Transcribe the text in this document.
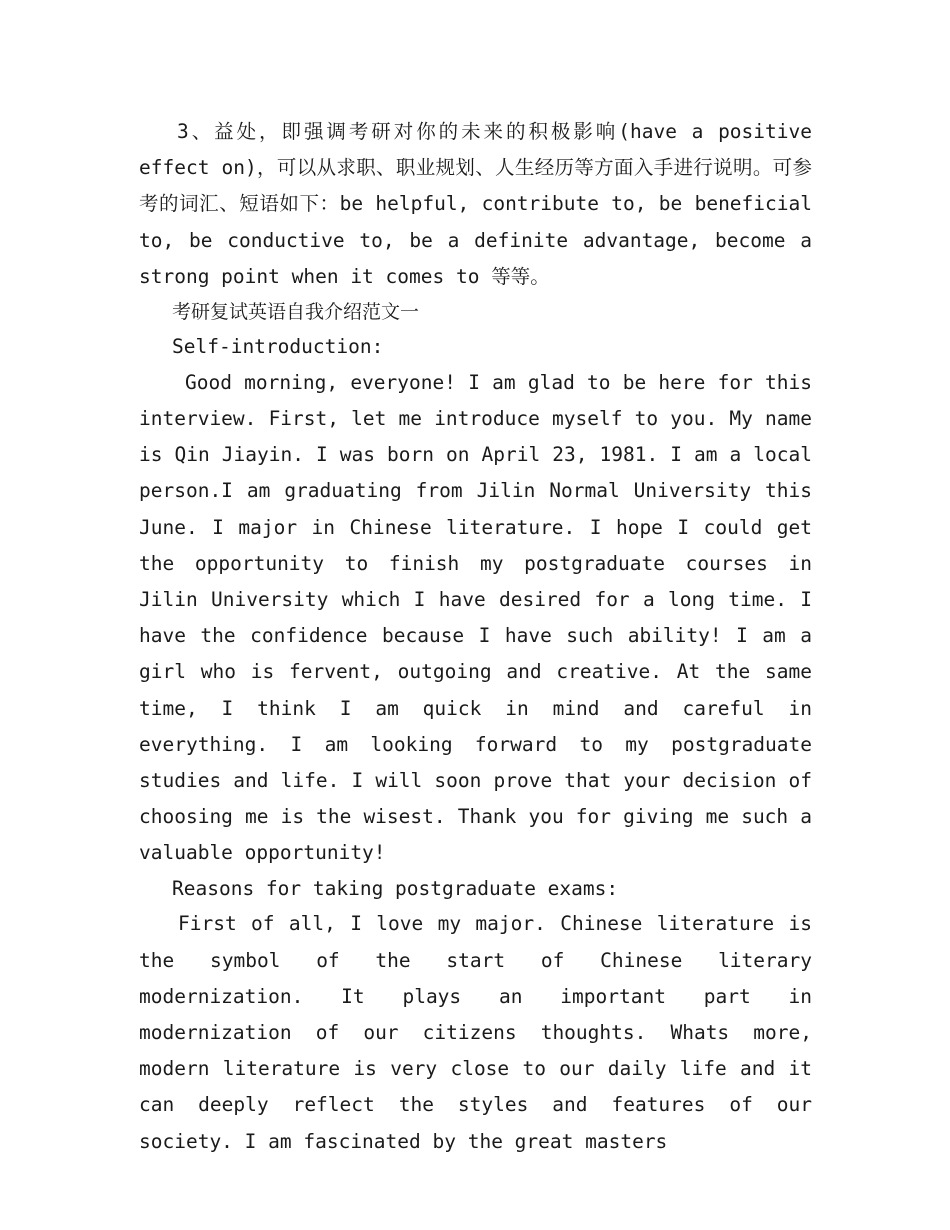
3、益处，即强调考研对你的未来的积极影响(have a positive effect on)，可以从求职、职业规划、人生经历等方面入手进行说明。可参考的词汇、短语如下：be helpful, contribute to, be beneficial to, be conductive to, be a definite advantage, become a strong point when it comes to 等等。

考研复试英语自我介绍范文一

Self-introduction:

Good morning, everyone! I am glad to be here for this interview. First, let me introduce myself to you. My name is Qin Jiayin. I was born on April 23, 1981. I am a local person.I am graduating from Jilin Normal University this June. I major in Chinese literature. I hope I could get the opportunity to finish my postgraduate courses in Jilin University which I have desired for a long time. I have the confidence because I have such ability! I am a girl who is fervent, outgoing and creative. At the same time, I think I am quick in mind and careful in everything. I am looking forward to my postgraduate studies and life. I will soon prove that your decision of choosing me is the wisest. Thank you for giving me such a valuable opportunity!

Reasons for taking postgraduate exams:

First of all, I love my major. Chinese literature is the symbol of the start of Chinese literary modernization. It plays an important part in modernization of our citizens thoughts. Whats more, modern literature is very close to our daily life and it can deeply reflect the styles and features of our society. I am fascinated by the great masters
